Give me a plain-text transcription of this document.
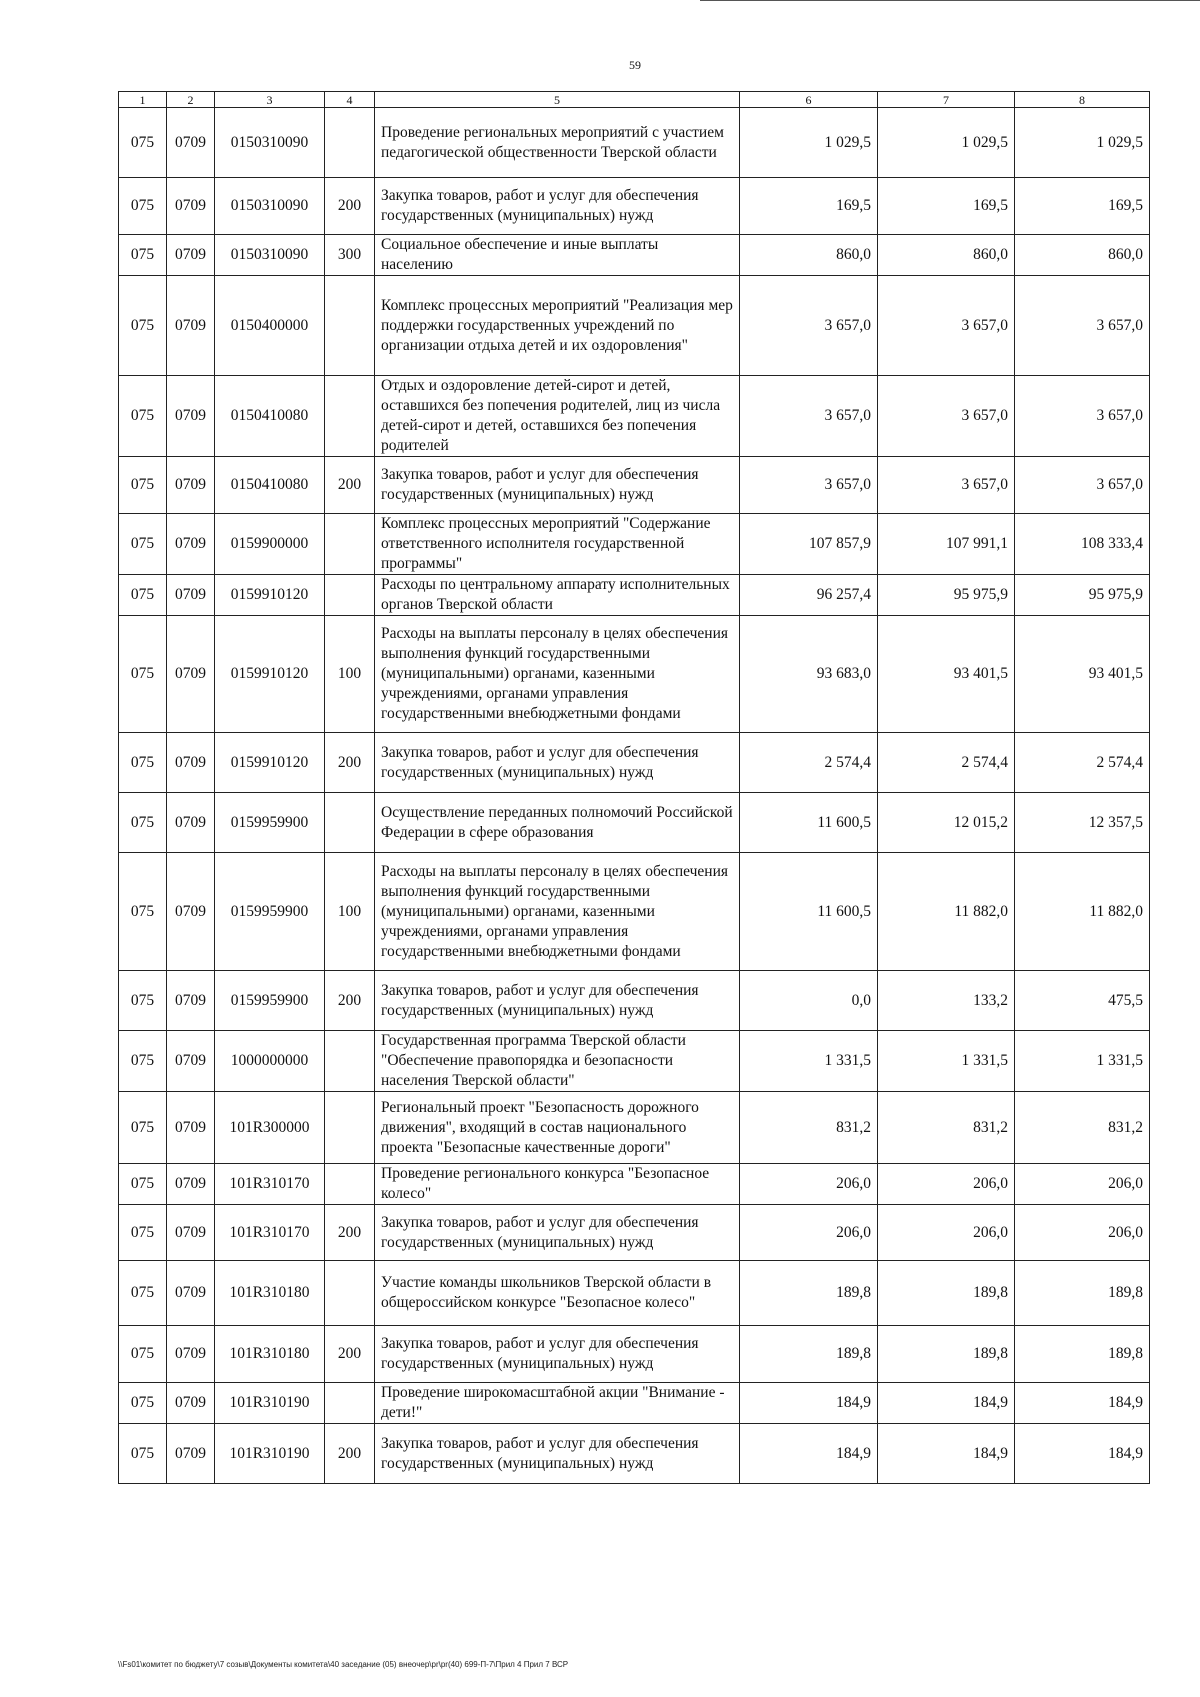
59
1	2	3	4	5	6	7	8
075	0709	0150310090		Проведение региональных мероприятий с участием педагогической общественности Тверской области	1 029,5	1 029,5	1 029,5
075	0709	0150310090	200	Закупка товаров, работ и услуг для обеспечения государственных (муниципальных) нужд	169,5	169,5	169,5
075	0709	0150310090	300	Социальное обеспечение и иные выплаты населению	860,0	860,0	860,0
075	0709	0150400000		Комплекс процессных мероприятий "Реализация мер поддержки государственных учреждений по организации отдыха детей и их оздоровления"	3 657,0	3 657,0	3 657,0
075	0709	0150410080		Отдых и оздоровление детей-сирот и детей, оставшихся без попечения родителей, лиц из числа детей-сирот и детей, оставшихся без попечения родителей	3 657,0	3 657,0	3 657,0
075	0709	0150410080	200	Закупка товаров, работ и услуг для обеспечения государственных (муниципальных) нужд	3 657,0	3 657,0	3 657,0
075	0709	0159900000		Комплекс процессных мероприятий "Содержание ответственного исполнителя государственной программы"	107 857,9	107 991,1	108 333,4
075	0709	0159910120		Расходы по центральному аппарату исполнительных органов Тверской области	96 257,4	95 975,9	95 975,9
075	0709	0159910120	100	Расходы на выплаты персоналу в целях обеспечения выполнения функций государственными (муниципальными) органами, казенными учреждениями, органами управления государственными внебюджетными фондами	93 683,0	93 401,5	93 401,5
075	0709	0159910120	200	Закупка товаров, работ и услуг для обеспечения государственных (муниципальных) нужд	2 574,4	2 574,4	2 574,4
075	0709	0159959900		Осуществление переданных полномочий Российской Федерации в сфере образования	11 600,5	12 015,2	12 357,5
075	0709	0159959900	100	Расходы на выплаты персоналу в целях обеспечения выполнения функций государственными (муниципальными) органами, казенными учреждениями, органами управления государственными внебюджетными фондами	11 600,5	11 882,0	11 882,0
075	0709	0159959900	200	Закупка товаров, работ и услуг для обеспечения государственных (муниципальных) нужд	0,0	133,2	475,5
075	0709	1000000000		Государственная программа Тверской области "Обеспечение правопорядка и безопасности населения Тверской области"	1 331,5	1 331,5	1 331,5
075	0709	101R300000		Региональный проект "Безопасность дорожного движения", входящий в состав национального проекта "Безопасные качественные дороги"	831,2	831,2	831,2
075	0709	101R310170		Проведение регионального конкурса "Безопасное колесо"	206,0	206,0	206,0
075	0709	101R310170	200	Закупка товаров, работ и услуг для обеспечения государственных (муниципальных) нужд	206,0	206,0	206,0
075	0709	101R310180		Участие команды школьников Тверской области в общероссийском конкурсе "Безопасное колесо"	189,8	189,8	189,8
075	0709	101R310180	200	Закупка товаров, работ и услуг для обеспечения государственных (муниципальных) нужд	189,8	189,8	189,8
075	0709	101R310190		Проведение широкомасштабной акции "Внимание - дети!"	184,9	184,9	184,9
075	0709	101R310190	200	Закупка товаров, работ и услуг для обеспечения государственных (муниципальных) нужд	184,9	184,9	184,9
\\Fs01\комитет по бюджету\7 созыв\Документы комитета\40 заседание (05) внеочер\pr\pr(40) 699-П-7\Прил 4 Прил 7 ВСР
